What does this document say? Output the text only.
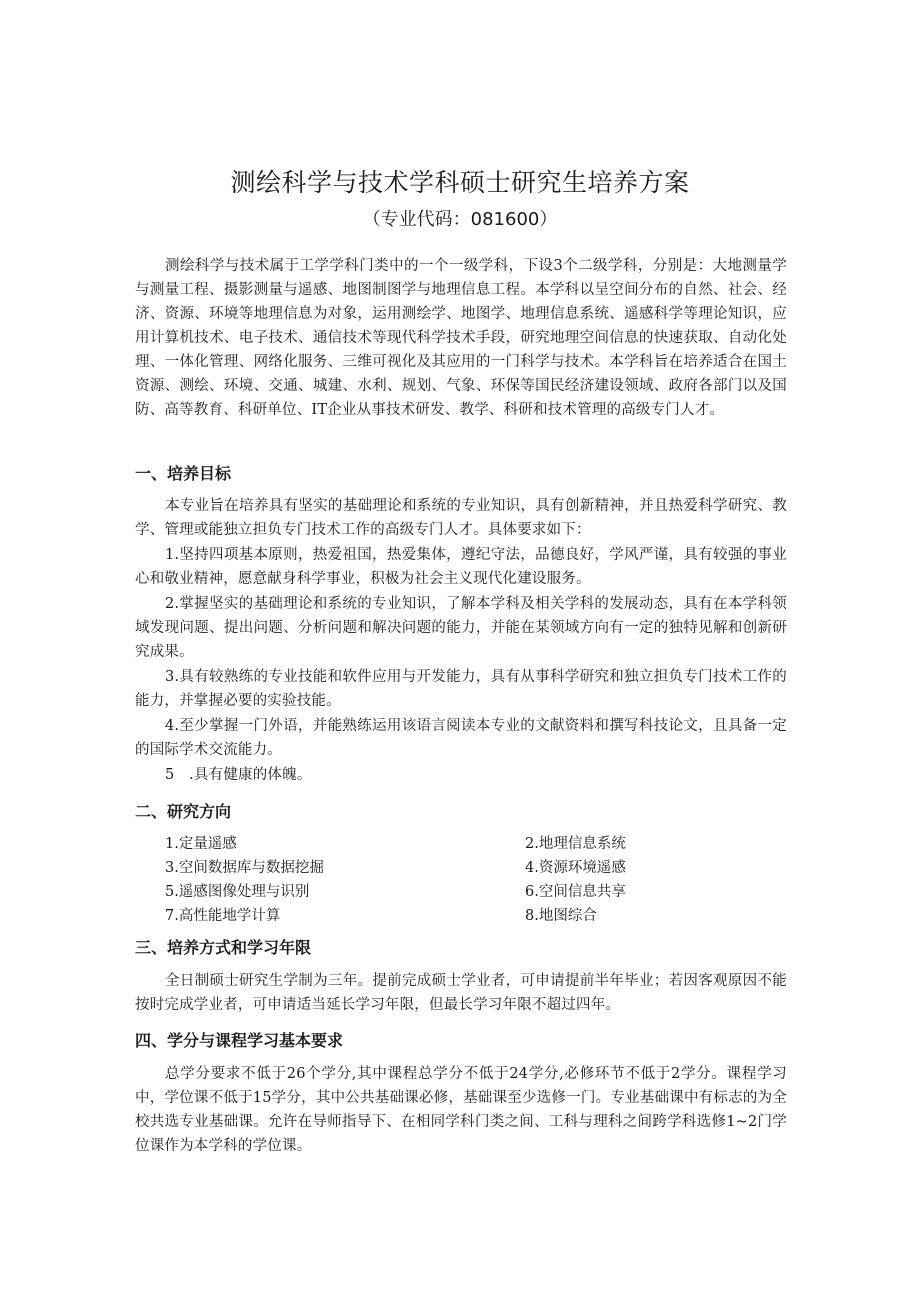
测绘科学与技术学科硕士研究生培养方案
（专业代码：081600）

测绘科学与技术属于工学学科门类中的一个一级学科，下设3个二级学科，分别是：大地测量学与测量工程、摄影测量与遥感、地图制图学与地理信息工程。本学科以呈空间分布的自然、社会、经济、资源、环境等地理信息为对象，运用测绘学、地图学、地理信息系统、遥感科学等理论知识，应用计算机技术、电子技术、通信技术等现代科学技术手段，研究地理空间信息的快速获取、自动化处理、一体化管理、网络化服务、三维可视化及其应用的一门科学与技术。本学科旨在培养适合在国土资源、测绘、环境、交通、城建、水利、规划、气象、环保等国民经济建设领域、政府各部门以及国防、高等教育、科研单位、IT企业从事技术研发、教学、科研和技术管理的高级专门人才。

一、培养目标

本专业旨在培养具有坚实的基础理论和系统的专业知识，具有创新精神，并且热爱科学研究、教学、管理或能独立担负专门技术工作的高级专门人才。具体要求如下：

1.坚持四项基本原则，热爱祖国，热爱集体，遵纪守法，品德良好，学风严谨，具有较强的事业心和敬业精神，愿意献身科学事业，积极为社会主义现代化建设服务。

2.掌握坚实的基础理论和系统的专业知识，了解本学科及相关学科的发展动态，具有在本学科领域发现问题、提出问题、分析问题和解决问题的能力，并能在某领域方向有一定的独特见解和创新研究成果。

3.具有较熟练的专业技能和软件应用与开发能力，具有从事科学研究和独立担负专门技术工作的能力，并掌握必要的实验技能。

4.至少掌握一门外语，并能熟练运用该语言阅读本专业的文献资料和撰写科技论文，且具备一定的国际学术交流能力。

5　.具有健康的体魄。

二、研究方向
1.定量遥感	2.地理信息系统
3.空间数据库与数据挖掘	4.资源环境遥感
5.遥感图像处理与识别	6.空间信息共享
7.高性能地学计算	8.地图综合
三、培养方式和学习年限

全日制硕士研究生学制为三年。提前完成硕士学业者，可申请提前半年毕业；若因客观原因不能按时完成学业者，可申请适当延长学习年限，但最长学习年限不超过四年。

四、学分与课程学习基本要求

总学分要求不低于26个学分,其中课程总学分不低于24学分,必修环节不低于2学分。课程学习中，学位课不低于15学分，其中公共基础课必修，基础课至少选修一门。专业基础课中有标志的为全校共选专业基础课。允许在导师指导下、在相同学科门类之间、工科与理科之间跨学科选修1~2门学位课作为本学科的学位课。
